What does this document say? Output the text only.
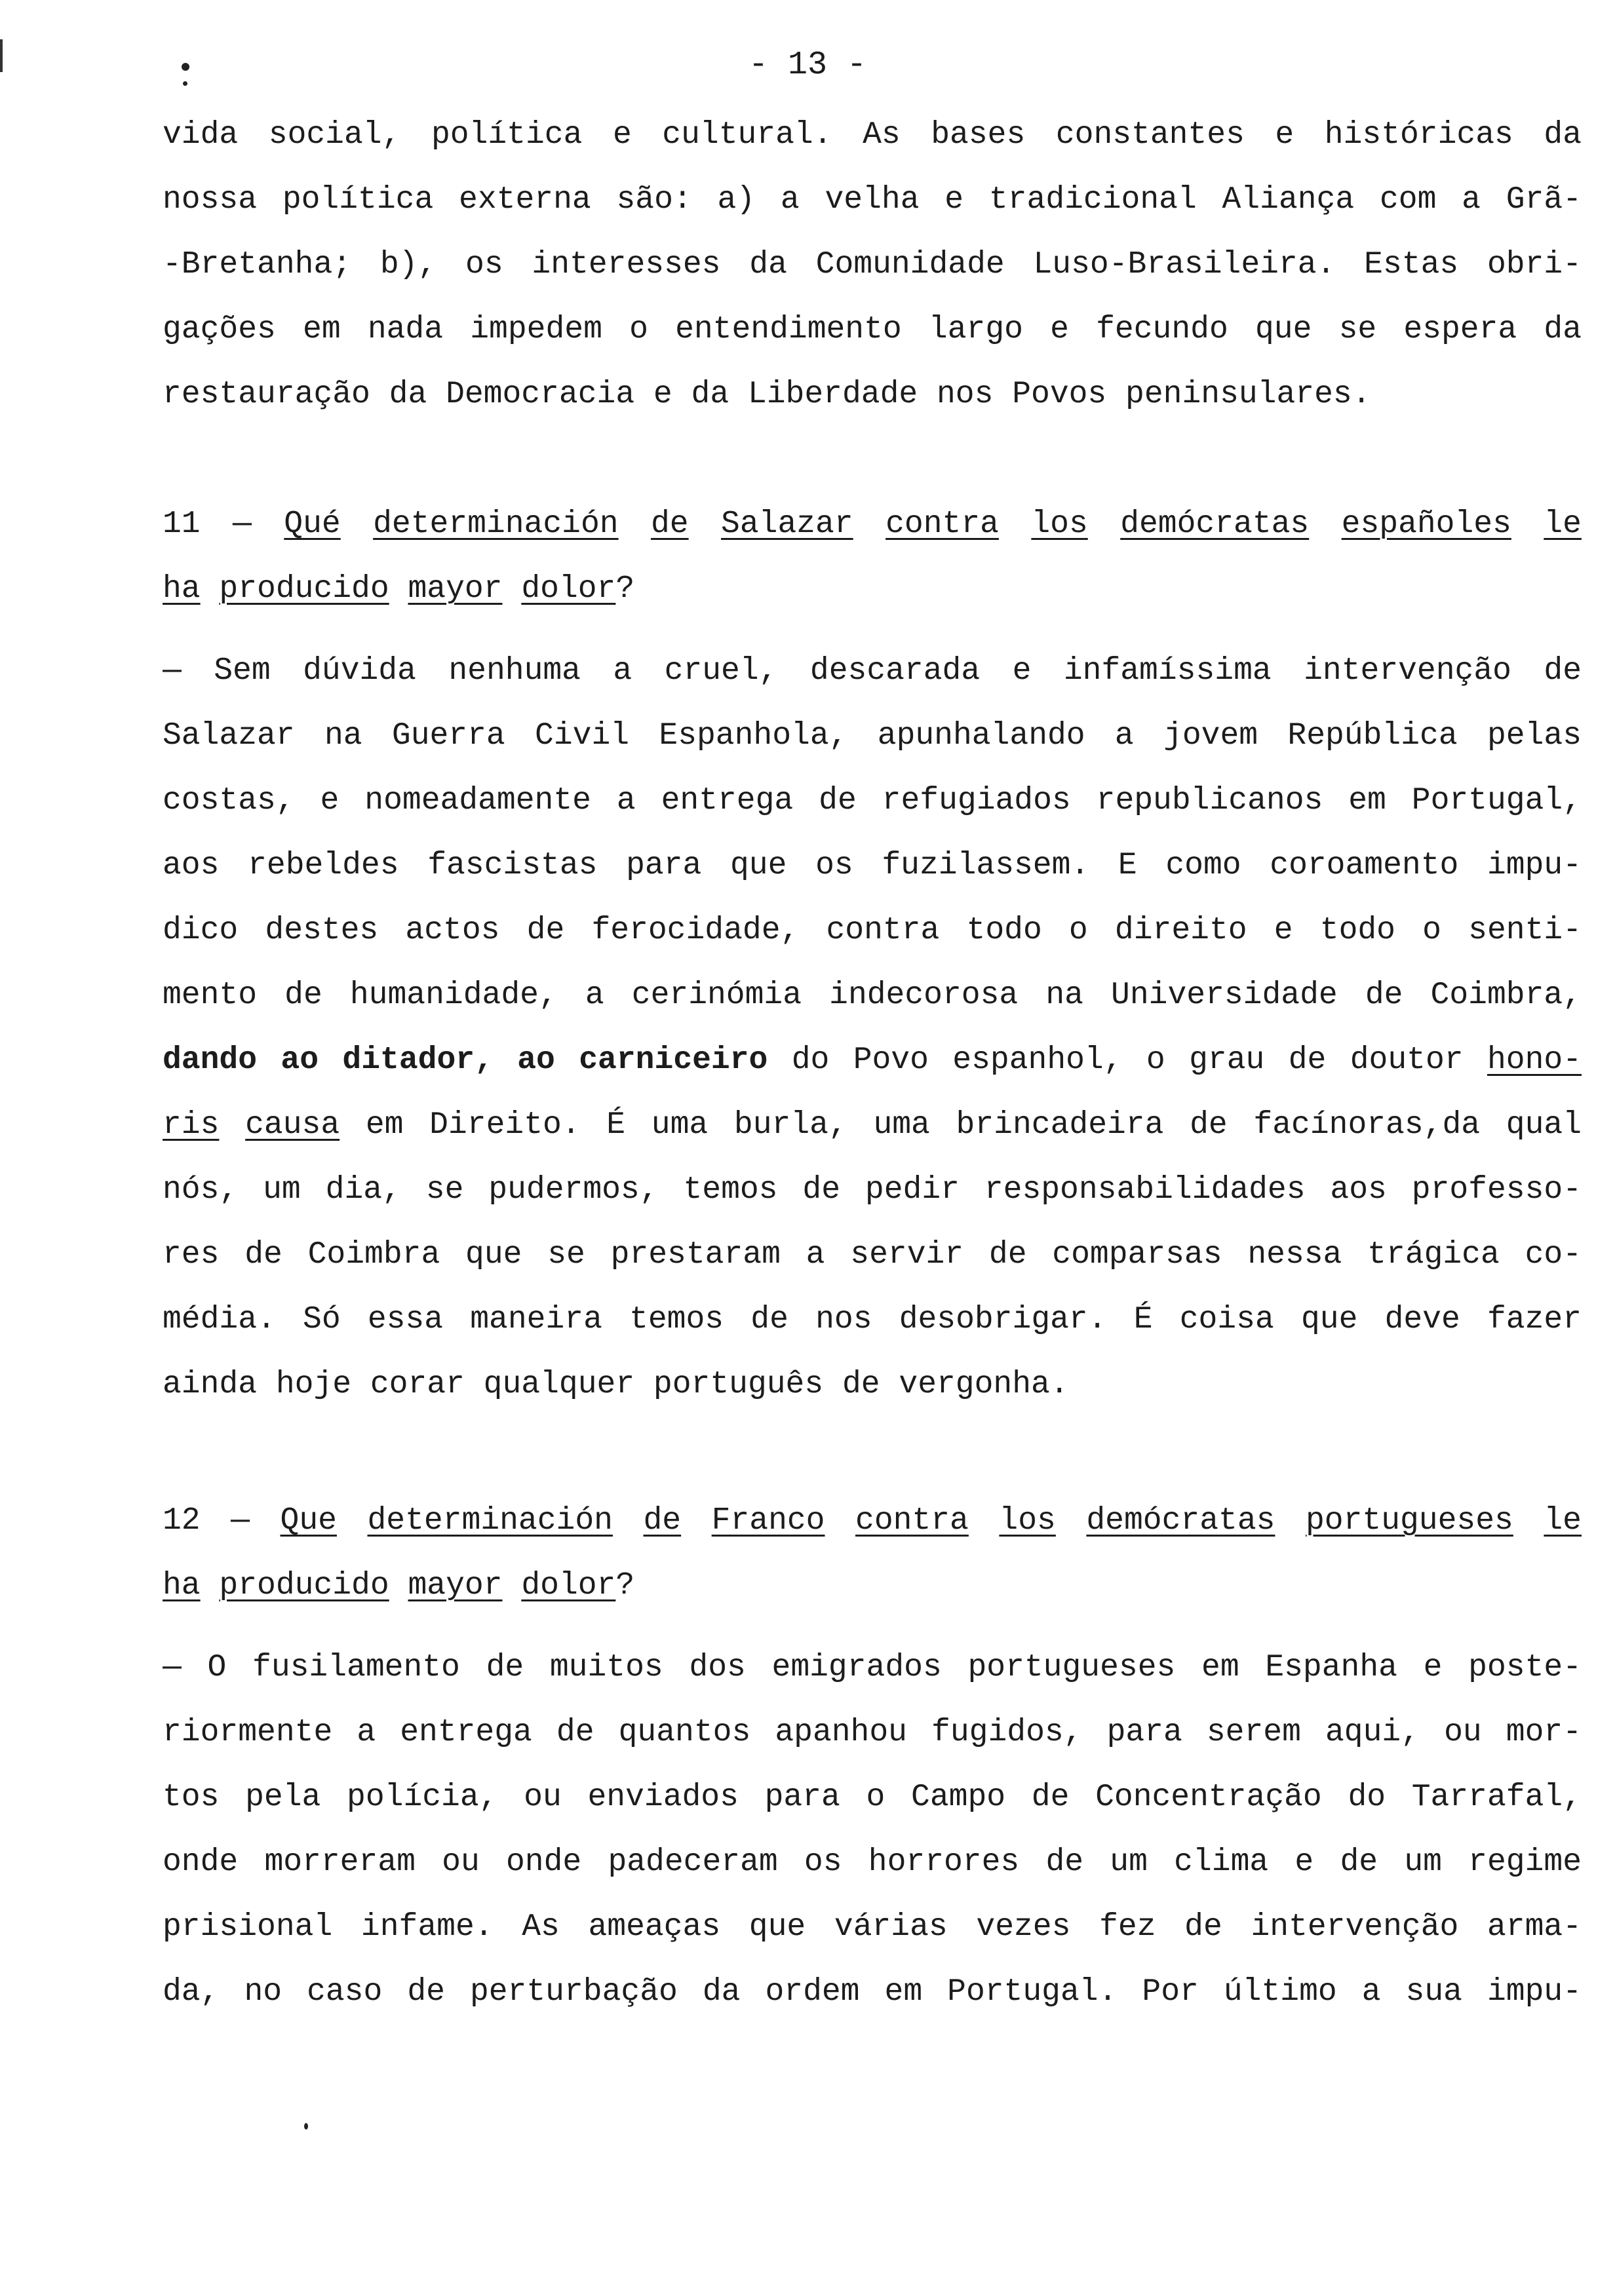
- 13 -
vida social, política e cultural. As bases constantes e históricas da
nossa política externa são: a) a velha e tradicional Aliança com a Grã-
-Bretanha; b), os interesses da Comunidade Luso-Brasileira. Estas obri-
gações em nada impedem o entendimento largo e fecundo que se espera da
restauração da Democracia e da Liberdade nos Povos peninsulares.
11 — Qué determinación de Salazar contra los demócratas españoles le
ha producido mayor dolor?
— Sem dúvida nenhuma a cruel, descarada e infamíssima intervenção de
Salazar na Guerra Civil Espanhola, apunhalando a jovem República pelas
costas, e nomeadamente a entrega de refugiados republicanos em Portugal,
aos rebeldes fascistas para que os fuzilassem. E como coroamento impu-
dico destes actos de ferocidade, contra todo o direito e todo o senti-
mento de humanidade, a cerinómia indecorosa na Universidade de Coimbra,
dando ao ditador, ao carniceiro do Povo espanhol, o grau de doutor hono-
ris causa em Direito. É uma burla, uma brincadeira de facínoras,da qual
nós, um dia, se pudermos, temos de pedir responsabilidades aos professo-
res de Coimbra que se prestaram a servir de comparsas nessa trágica co-
média. Só essa maneira temos de nos desobrigar. É coisa que deve fazer
ainda hoje corar qualquer português de vergonha.
12 — Que determinación de Franco contra los demócratas portugueses le
ha producido mayor dolor?
— O fusilamento de muitos dos emigrados portugueses em Espanha e poste-
riormente a entrega de quantos apanhou fugidos, para serem aqui, ou mor-
tos pela polícia, ou enviados para o Campo de Concentração do Tarrafal,
onde morreram ou onde padeceram os horrores de um clima e de um regime
prisional infame. As ameaças que várias vezes fez de intervenção arma-
da, no caso de perturbação da ordem em Portugal. Por último a sua impu-
